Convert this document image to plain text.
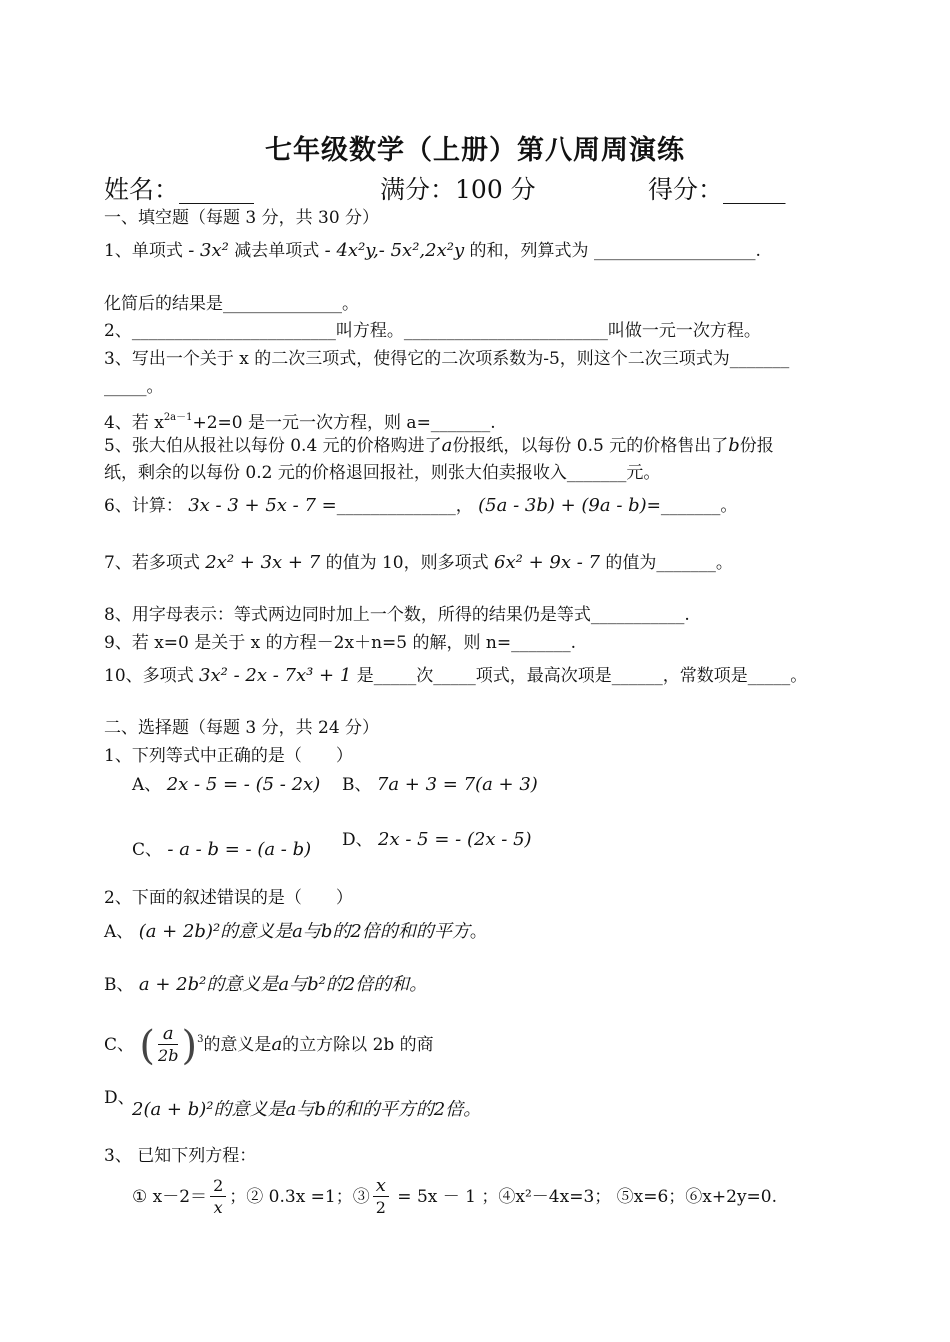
七年级数学（上册）第八周周演练
姓名：______	满分：100 分	得分：_____
一、填空题（每题 3 分，共 30 分）
1、单项式 - 3x² 减去单项式 - 4x²y,- 5x²,2x²y 的和，列算式为 ___________________.
化简后的结果是______________。
2、________________________叫方程。________________________叫做一元一次方程。
3、写出一个关于 x 的二次三项式，使得它的二次项系数为-5，则这个二次三项式为_______
_____。
4、若 $x^{2a-1}+2=0$ 是一元一次方程，则 a=_______.
5、张大伯从报社以每份 0.4 元的价格购进了a份报纸，以每份 0.5 元的价格售出了b份报
纸，剩余的以每份 0.2 元的价格退回报社，则张大伯卖报收入_______元。
6、计算： 3x - 3 + 5x - 7 =______________， (5a - 3b) + (9a - b)=_______。
7、若多项式 2x² + 3x + 7 的值为 10，则多项式 6x² + 9x - 7 的值为_______。
8、用字母表示：等式两边同时加上一个数，所得的结果仍是等式___________.
9、若 x=0 是关于 x 的方程－2x＋n=5 的解，则 n=_______.
10、多项式 3x² - 2x - 7x³ + 1 是_____次_____项式，最高次项是______，常数项是_____。
二、选择题（每题 3 分，共 24 分）
1、下列等式中正确的是（　　）
A、 2x - 5 = - (5 - 2x) B、 7a + 3 = 7(a + 3)
C、 - a - b = - (a - b) D、 2x - 5 = - (2x - 5)
2、下面的叙述错误的是（　　）
A、 (a + 2b)²的意义是a与b的2倍的和的平方。
B、 a + 2b²的意义是a与b²的2倍的和。
C、 ( $\frac{a}{2b} )^3$的意义是a的立方除以 2b 的商
D、
2(a + b)²的意义是a与b的和的平方的2倍。
3、 已知下列方程：
① $x-2= \frac{2}{x}$ ；② 0.3x =1；③ $\frac{x}{2} = 5x - 1$ ；④x²－4x=3； ⑤x=6；⑥x+2y=0.
